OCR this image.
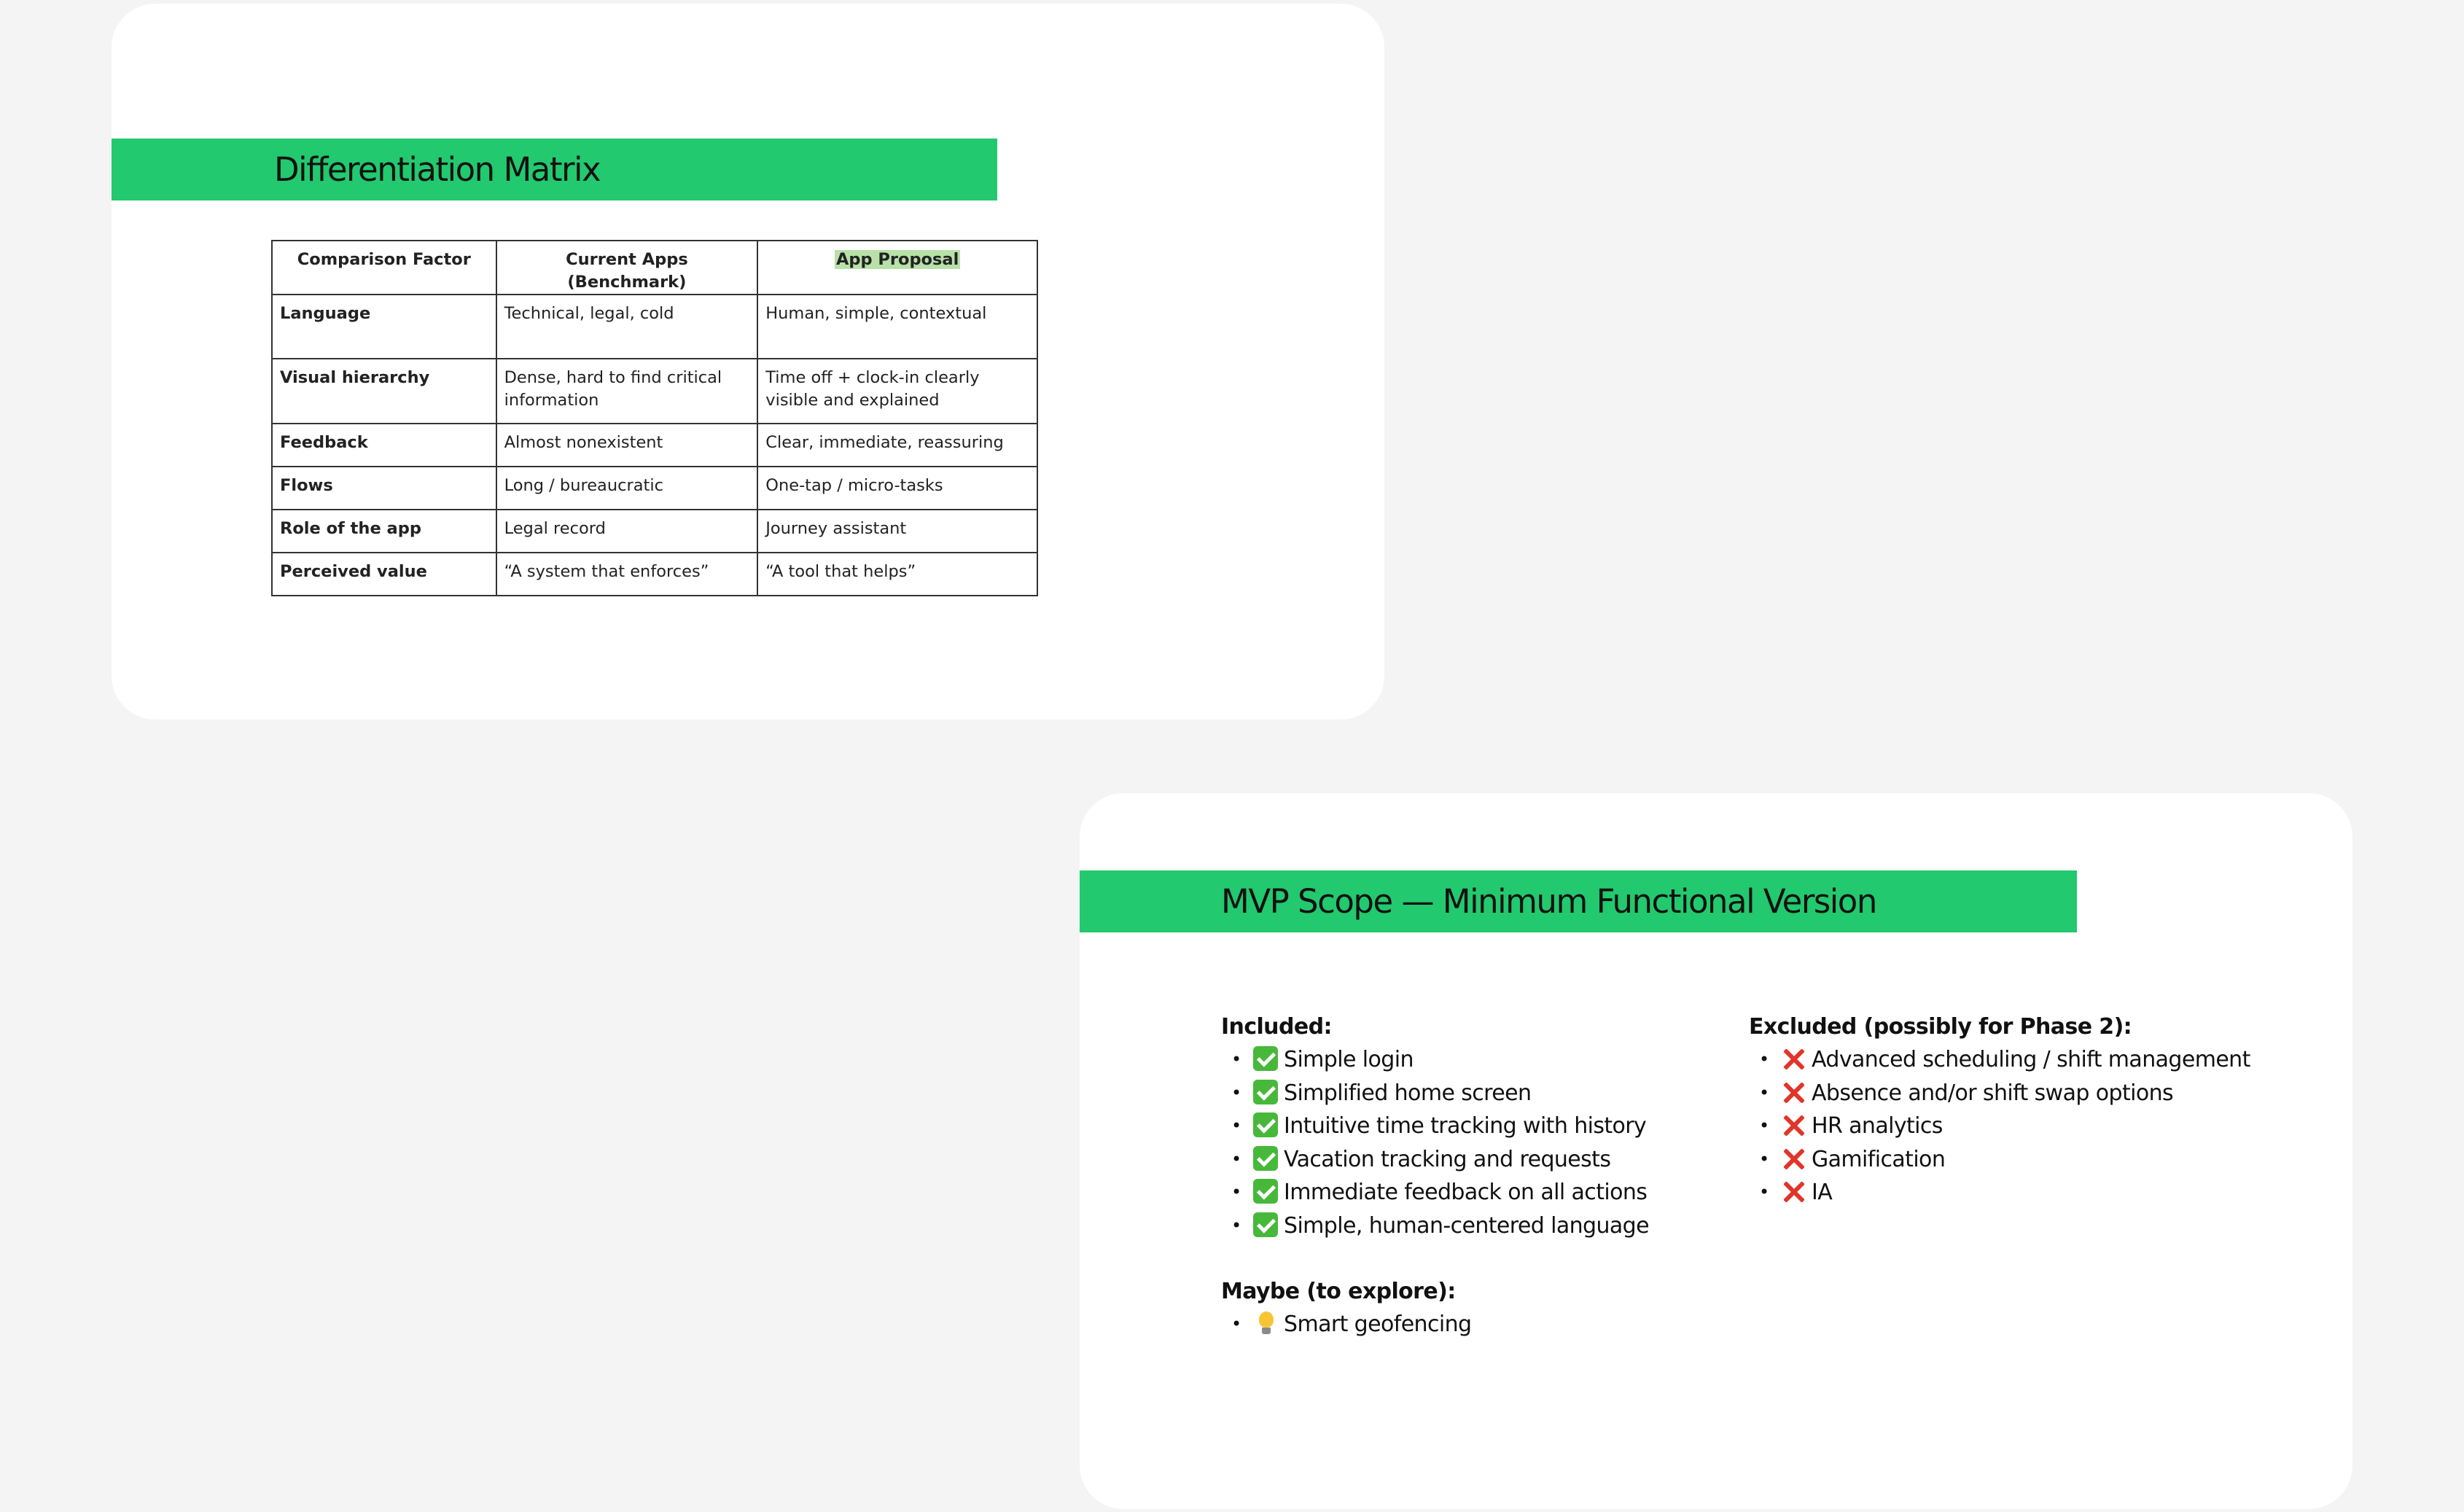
Differentiation Matrix
Comparison Factor	Current Apps (Benchmark)	App Proposal
Language	Technical, legal, cold	Human, simple, contextual
Visual hierarchy	Dense, hard to find critical information	Time off + clock-in clearly visible and explained
Feedback	Almost nonexistent	Clear, immediate, reassuring
Flows	Long / bureaucratic	One-tap / micro-tasks
Role of the app	Legal record	Journey assistant
Perceived value	“A system that enforces”	“A tool that helps”
MVP Scope — Minimum Functional Version
Included:
• Simple login
• Simplified home screen
• Intuitive time tracking with history
• Vacation tracking and requests
• Immediate feedback on all actions
• Simple, human-centered language
Maybe (to explore):
• Smart geofencing
Excluded (possibly for Phase 2):
• Advanced scheduling / shift management
• Absence and/or shift swap options
• HR analytics
• Gamification
• IA
